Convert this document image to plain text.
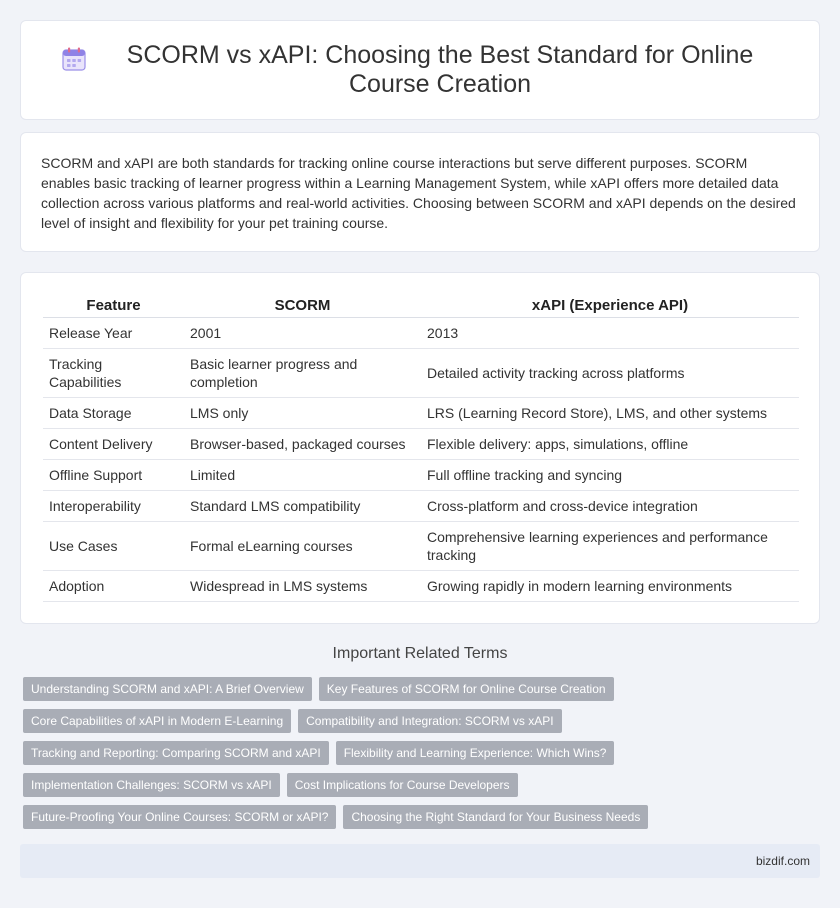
SCORM vs xAPI: Choosing the Best Standard for Online Course Creation

SCORM and xAPI are both standards for tracking online course interactions but serve different purposes. SCORM enables basic tracking of learner progress within a Learning Management System, while xAPI offers more detailed data collection across various platforms and real-world activities. Choosing between SCORM and xAPI depends on the desired level of insight and flexibility for your pet training course.

Feature	SCORM	xAPI (Experience API)
Release Year	2001	2013
Tracking Capabilities	Basic learner progress and completion	Detailed activity tracking across platforms
Data Storage	LMS only	LRS (Learning Record Store), LMS, and other systems
Content Delivery	Browser-based, packaged courses	Flexible delivery: apps, simulations, offline
Offline Support	Limited	Full offline tracking and syncing
Interoperability	Standard LMS compatibility	Cross-platform and cross-device integration
Use Cases	Formal eLearning courses	Comprehensive learning experiences and performance tracking
Adoption	Widespread in LMS systems	Growing rapidly in modern learning environments
Important Related Terms
Understanding SCORM and xAPI: A Brief Overview	Key Features of SCORM for Online Course Creation
Core Capabilities of xAPI in Modern E-Learning	Compatibility and Integration: SCORM vs xAPI
Tracking and Reporting: Comparing SCORM and xAPI	Flexibility and Learning Experience: Which Wins?
Implementation Challenges: SCORM vs xAPI	Cost Implications for Course Developers
Future-Proofing Your Online Courses: SCORM or xAPI?	Choosing the Right Standard for Your Business Needs
bizdif.com
